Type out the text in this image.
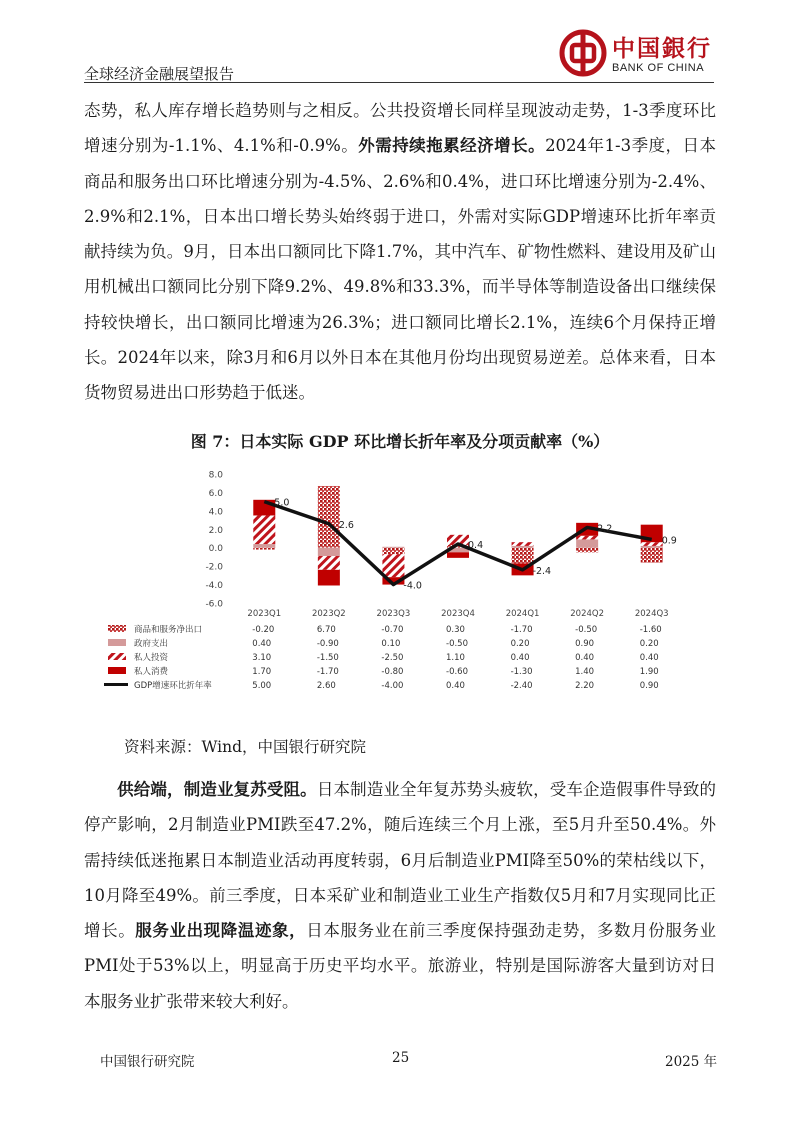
全球经济金融展望报告
中国銀行
BANK OF CHINA
态势，私人库存增长趋势则与之相反。公共投资增长同样呈现波动走势，1-3季度环比增速分别为-1.1%、4.1%和-0.9%。外需持续拖累经济增长。2024年1-3季度，日本商品和服务出口环比增速分别为-4.5%、2.6%和0.4%，进口环比增速分别为-2.4%、2.9%和2.1%，日本出口增长势头始终弱于进口，外需对实际GDP增速环比折年率贡献持续为负。9月，日本出口额同比下降1.7%，其中汽车、矿物性燃料、建设用及矿山用机械出口额同比分别下降9.2%、49.8%和33.3%，而半导体等制造设备出口继续保持较快增长，出口额同比增速为26.3%；进口额同比增长2.1%，连续6个月保持正增长。2024年以来，除3月和6月以外日本在其他月份均出现贸易逆差。总体来看，日本货物贸易进出口形势趋于低迷。
图 7：日本实际 GDP 环比增长折年率及分项贡献率（%）
8.0
6.0
4.0
2.0
0.0
-2.0
-4.0
-6.0
5.0
2.6
-4.0
0.4
-2.4
2.2
0.9
2023Q1	2023Q2	2023Q3	2023Q4	2024Q1	2024Q2	2024Q3
商品和服务净出口	-0.20	6.70	-0.70	0.30	-1.70	-0.50	-1.60
政府支出	0.40	-0.90	0.10	-0.50	0.20	0.90	0.20
私人投资	3.10	-1.50	-2.50	1.10	0.40	0.40	0.40
私人消费	1.70	-1.70	-0.80	-0.60	-1.30	1.40	1.90
GDP增速环比折年率	5.00	2.60	-4.00	0.40	-2.40	2.20	0.90
资料来源：Wind，中国银行研究院
供给端，制造业复苏受阻。日本制造业全年复苏势头疲软，受车企造假事件导致的停产影响，2月制造业PMI跌至47.2%，随后连续三个月上涨，至5月升至50.4%。外需持续低迷拖累日本制造业活动再度转弱，6月后制造业PMI降至50%的荣枯线以下，10月降至49%。前三季度，日本采矿业和制造业工业生产指数仅5月和7月实现同比正增长。服务业出现降温迹象，日本服务业在前三季度保持强劲走势，多数月份服务业PMI处于53%以上，明显高于历史平均水平。旅游业，特别是国际游客大量到访对日本服务业扩张带来较大利好。
中国银行研究院	25	2025 年
